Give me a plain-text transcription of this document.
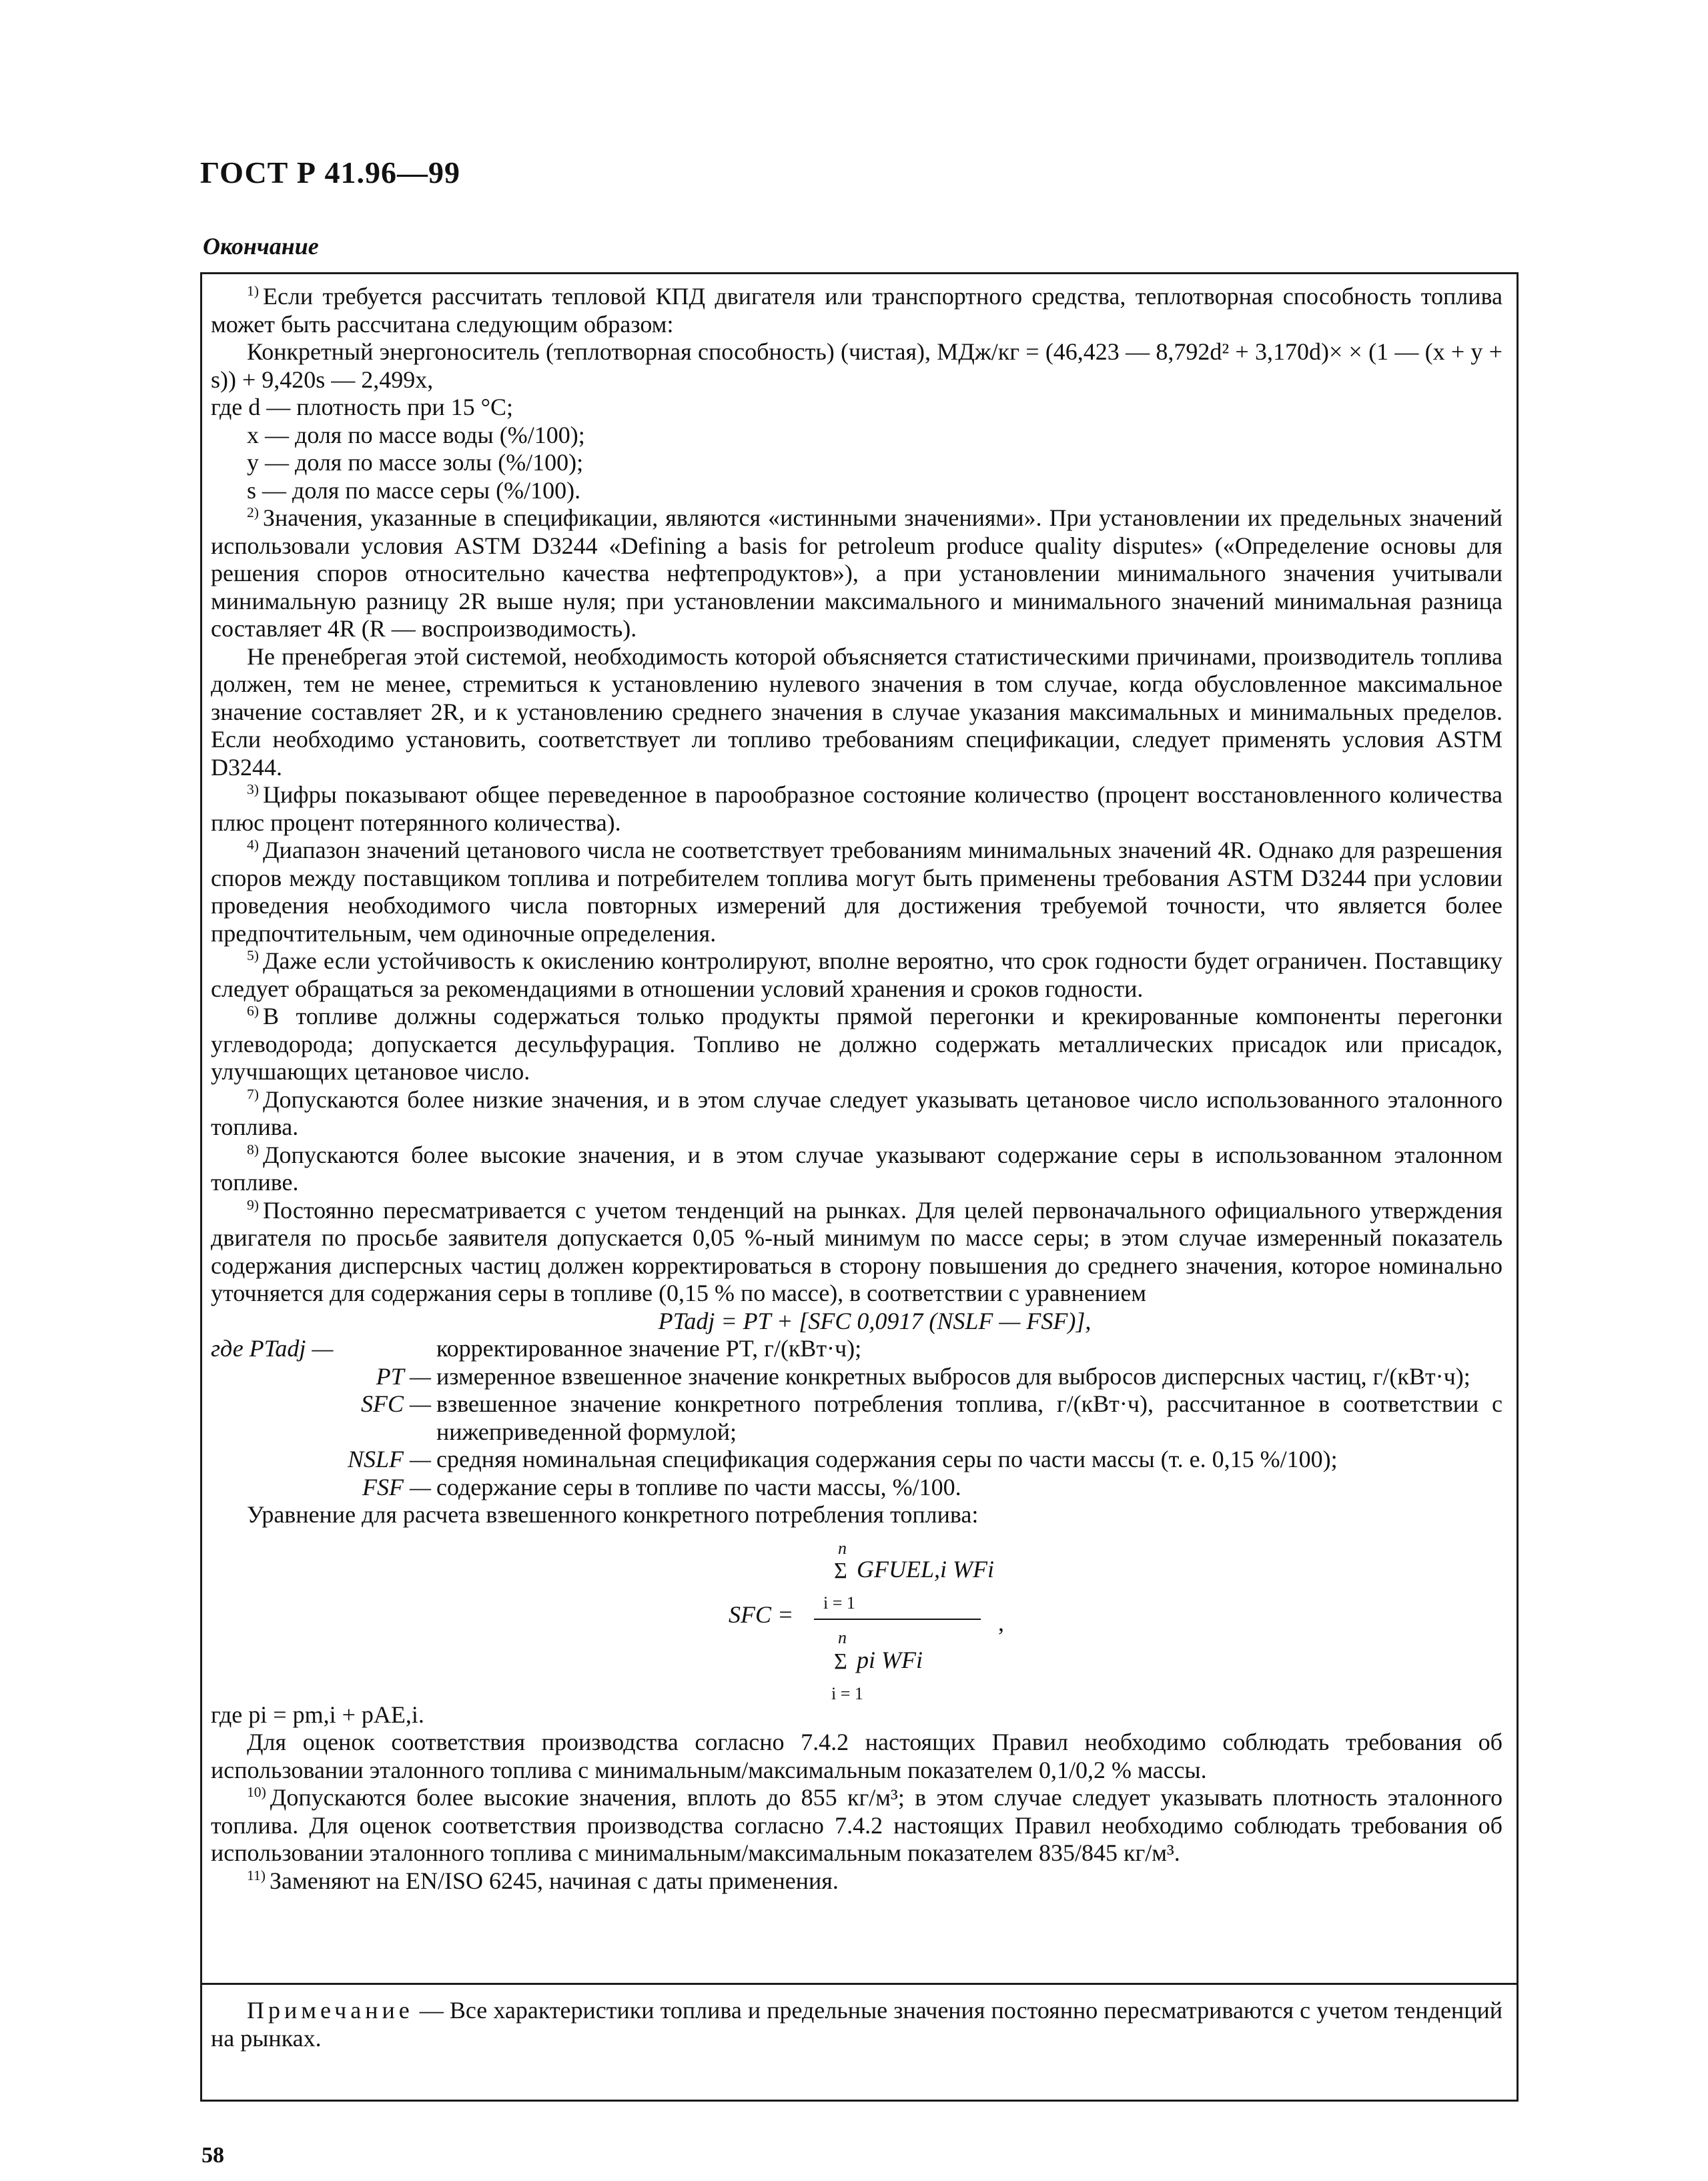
ГОСТ Р 41.96—99
Окончание

$^{1)}$ Если требуется рассчитать тепловой КПД двигателя или транспортного средства, теплотворная способность топлива может быть рассчитана следующим образом:

Конкретный энергоноситель (теплотворная способность) (чистая), МДж/кг = (46,423 — 8,792d² + 3,170d)× × (1 — (x + y + s)) + 9,420s — 2,499x,

где d — плотность при 15 °С;

x — доля по массе воды (%/100);

y — доля по массе золы (%/100);

s — доля по массе серы (%/100).

$^{2)}$ Значения, указанные в спецификации, являются «истинными значениями». При установлении их предельных значений использовали условия ASTM D3244 «Defining a basis for petroleum produce quality disputes» («Определение основы для решения споров относительно качества нефтепродуктов»), а при установлении минимального значения учитывали минимальную разницу 2R выше нуля; при установлении максимального и минимального значений минимальная разница составляет 4R (R — воспроизводимость).

Не пренебрегая этой системой, необходимость которой объясняется статистическими причинами, производитель топлива должен, тем не менее, стремиться к установлению нулевого значения в том случае, когда обусловленное максимальное значение составляет 2R, и к установлению среднего значения в случае указания максимальных и минимальных пределов. Если необходимо установить, соответствует ли топливо требованиям спецификации, следует применять условия ASTM D3244.

$^{3)}$ Цифры показывают общее переведенное в парообразное состояние количество (процент восстановленного количества плюс процент потерянного количества).

$^{4)}$ Диапазон значений цетанового числа не соответствует требованиям минимальных значений 4R. Однако для разрешения споров между поставщиком топлива и потребителем топлива могут быть применены требования ASTM D3244 при условии проведения необходимого числа повторных измерений для достижения требуемой точности, что является более предпочтительным, чем одиночные определения.

$^{5)}$ Даже если устойчивость к окислению контролируют, вполне вероятно, что срок годности будет ограничен. Поставщику следует обращаться за рекомендациями в отношении условий хранения и сроков годности.

$^{6)}$ В топливе должны содержаться только продукты прямой перегонки и крекированные компоненты перегонки углеводорода; допускается десульфурация. Топливо не должно содержать металлических присадок или присадок, улучшающих цетановое число.

$^{7)}$ Допускаются более низкие значения, и в этом случае следует указывать цетановое число использованного эталонного топлива.

$^{8)}$ Допускаются более высокие значения, и в этом случае указывают содержание серы в использованном эталонном топливе.

$^{9)}$ Постоянно пересматривается с учетом тенденций на рынках. Для целей первоначального официального утверждения двигателя по просьбе заявителя допускается 0,05 %-ный минимум по массе серы; в этом случае измеренный показатель содержания дисперсных частиц должен корректироваться в сторону повышения до среднего значения, которое номинально уточняется для содержания серы в топливе (0,15 % по массе), в соответствии с уравнением

PTadj = PT + [SFC 0,0917 (NSLF — FSF)],

где PTadj —	корректированное значение PT, г/(кВт·ч);
PT — измеренное взвешенное значение конкретных выбросов для выбросов дисперсных частиц, г/(кВт·ч);
SFC — взвешенное значение конкретного потребления топлива, г/(кВт·ч), рассчитанное в соответствии с нижеприведенной формулой;
NSLF — средняя номинальная спецификация содержания серы по части массы (т. е. 0,15 %/100);
FSF — содержание серы в топливе по части массы, %/100.

Уравнение для расчета взвешенного конкретного потребления топлива:

SFC =
n
Σ GFUEL,i WFi
i = 1
n
Σ pi WFi
i = 1
,

где pi = pm,i + pAE,i.

Для оценок соответствия производства согласно 7.4.2 настоящих Правил необходимо соблюдать требования об использовании эталонного топлива с минимальным/максимальным показателем 0,1/0,2 % массы.

$^{10)}$ Допускаются более высокие значения, вплоть до 855 кг/м³; в этом случае следует указывать плотность эталонного топлива. Для оценок соответствия производства согласно 7.4.2 настоящих Правил необходимо соблюдать требования об использовании эталонного топлива с минимальным/максимальным показателем 835/845 кг/м³.

$^{11)}$ Заменяют на EN/ISO 6245, начиная с даты применения.

Примечание — Все характеристики топлива и предельные значения постоянно пересматриваются с учетом тенденций на рынках.
58
